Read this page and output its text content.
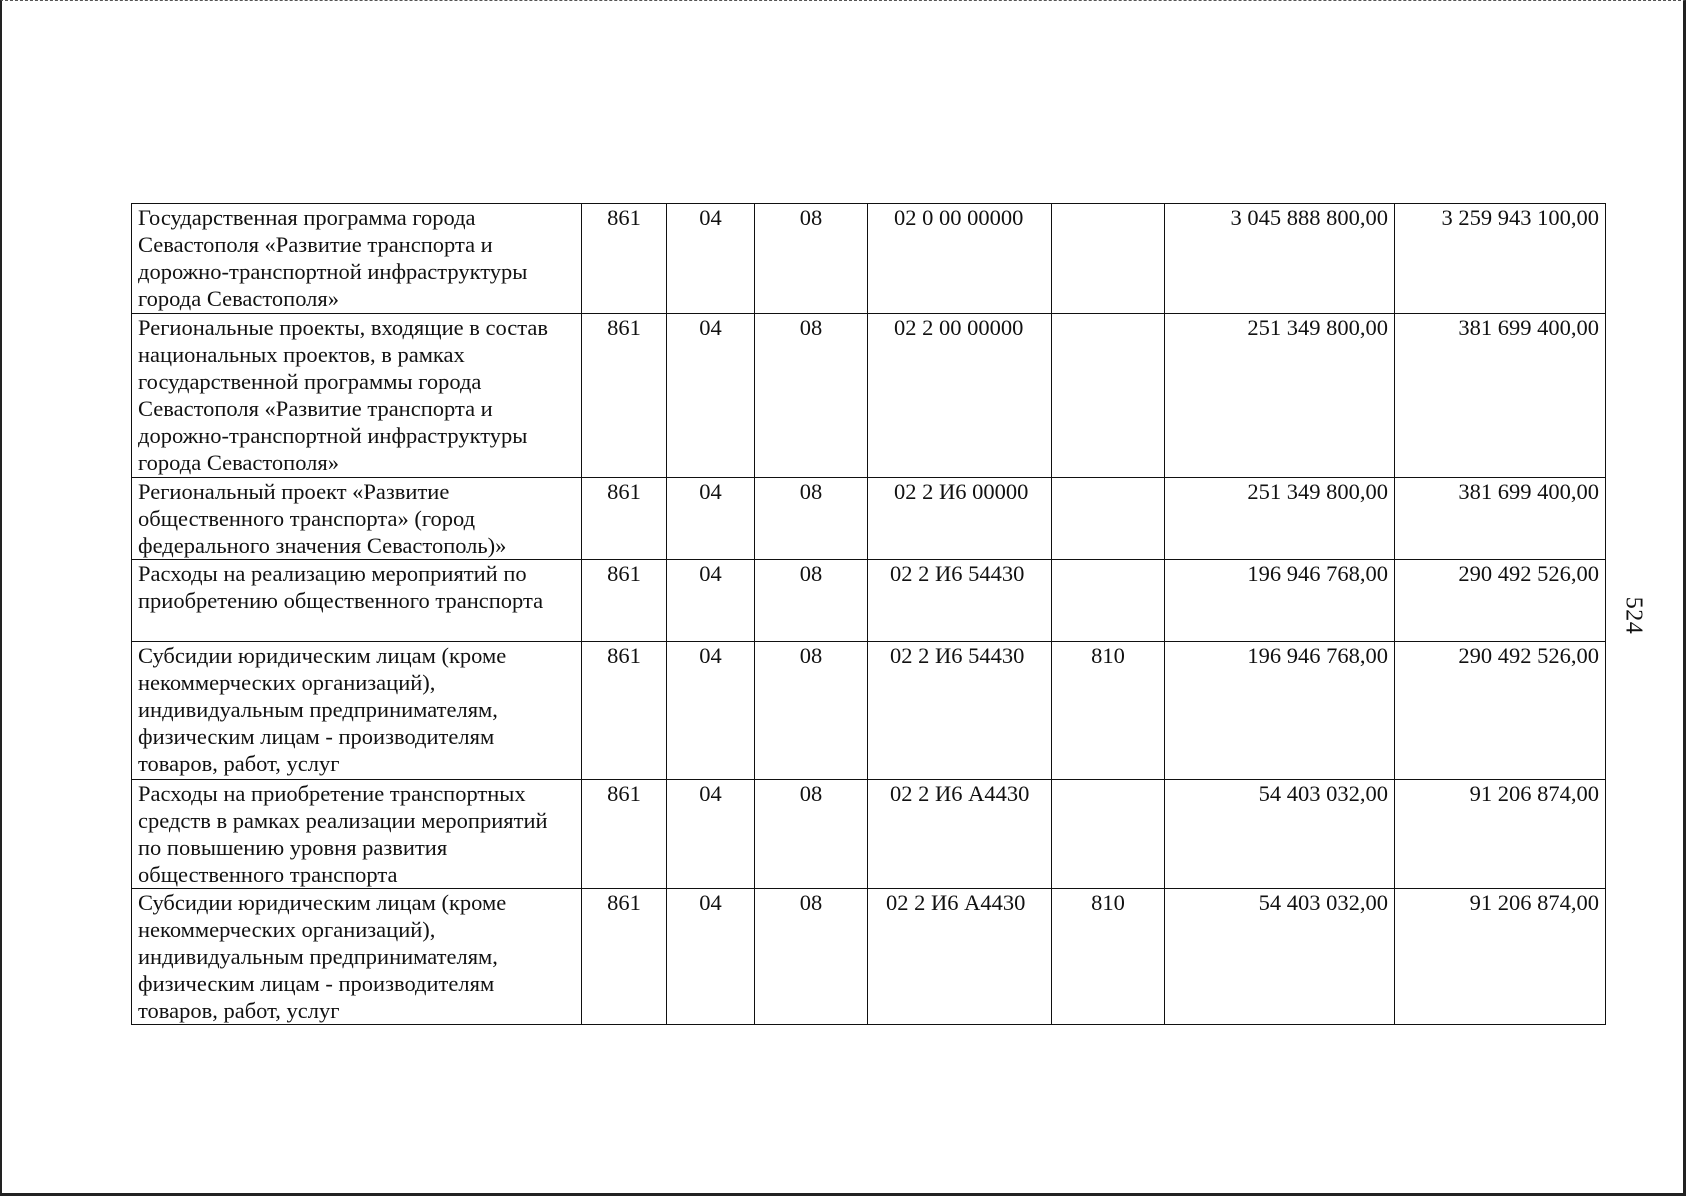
Государственная программа города Севастополя «Развитие транспорта и дорожно-транспортной инфраструктуры города Севастополя»	861	04	08	02 0 00 00000		3 045 888 800,00	3 259 943 100,00
Региональные проекты, входящие в состав национальных проектов, в рамках государственной программы города Севастополя «Развитие транспорта и дорожно-транспортной инфраструктуры города Севастополя»	861	04	08	02 2 00 00000		251 349 800,00	381 699 400,00
Региональный проект «Развитие общественного транспорта» (город федерального значения Севастополь)»	861	04	08	02 2 И6 00000		251 349 800,00	381 699 400,00
Расходы на реализацию мероприятий по приобретению общественного транспорта	861	04	08	02 2 И6 54430		196 946 768,00	290 492 526,00
Субсидии юридическим лицам (кроме некоммерческих организаций), индивидуальным предпринимателям, физическим лицам - производителям товаров, работ, услуг	861	04	08	02 2 И6 54430	810	196 946 768,00	290 492 526,00
Расходы на приобретение транспортных средств в рамках реализации мероприятий по повышению уровня развития общественного транспорта	861	04	08	02 2 И6 А4430		54 403 032,00	91 206 874,00
Субсидии юридическим лицам (кроме некоммерческих организаций), индивидуальным предпринимателям, физическим лицам - производителям товаров, работ, услуг	861	04	08	02 2 И6 А4430	810	54 403 032,00	91 206 874,00
524
